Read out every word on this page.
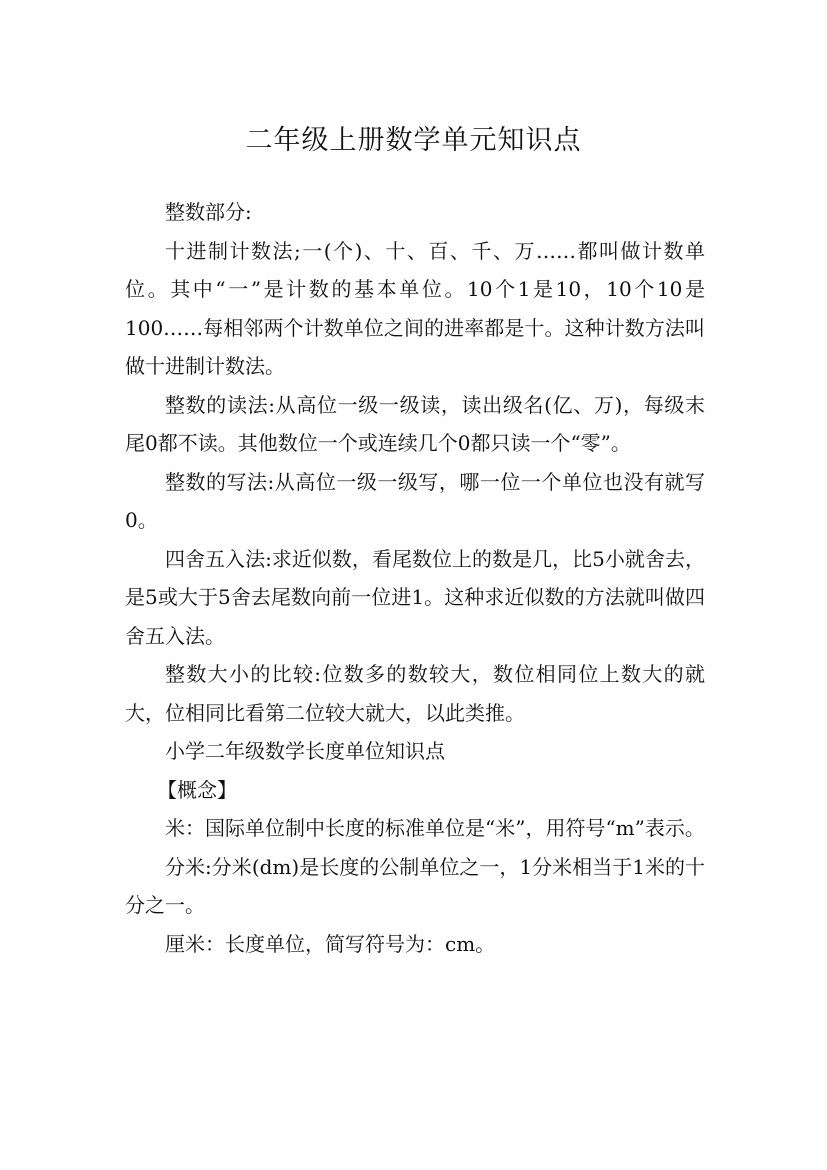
二年级上册数学单元知识点

整数部分:

十进制计数法;一(个)、十、百、千、万……都叫做计数单位。其中“一”是计数的基本单位。10个1是10，10个10是100……每相邻两个计数单位之间的进率都是十。这种计数方法叫做十进制计数法。

整数的读法:从高位一级一级读，读出级名(亿、万)，每级末尾0都不读。其他数位一个或连续几个0都只读一个“零”。

整数的写法:从高位一级一级写，哪一位一个单位也没有就写0。

四舍五入法:求近似数，看尾数位上的数是几，比5小就舍去，是5或大于5舍去尾数向前一位进1。这种求近似数的方法就叫做四舍五入法。

整数大小的比较:位数多的数较大，数位相同位上数大的就大，位相同比看第二位较大就大，以此类推。

小学二年级数学长度单位知识点

【概念】

米：国际单位制中长度的标准单位是“米”，用符号“m”表示。

分米:分米(dm)是长度的公制单位之一，1分米相当于1米的十分之一。

厘米：长度单位，简写符号为：cm。
